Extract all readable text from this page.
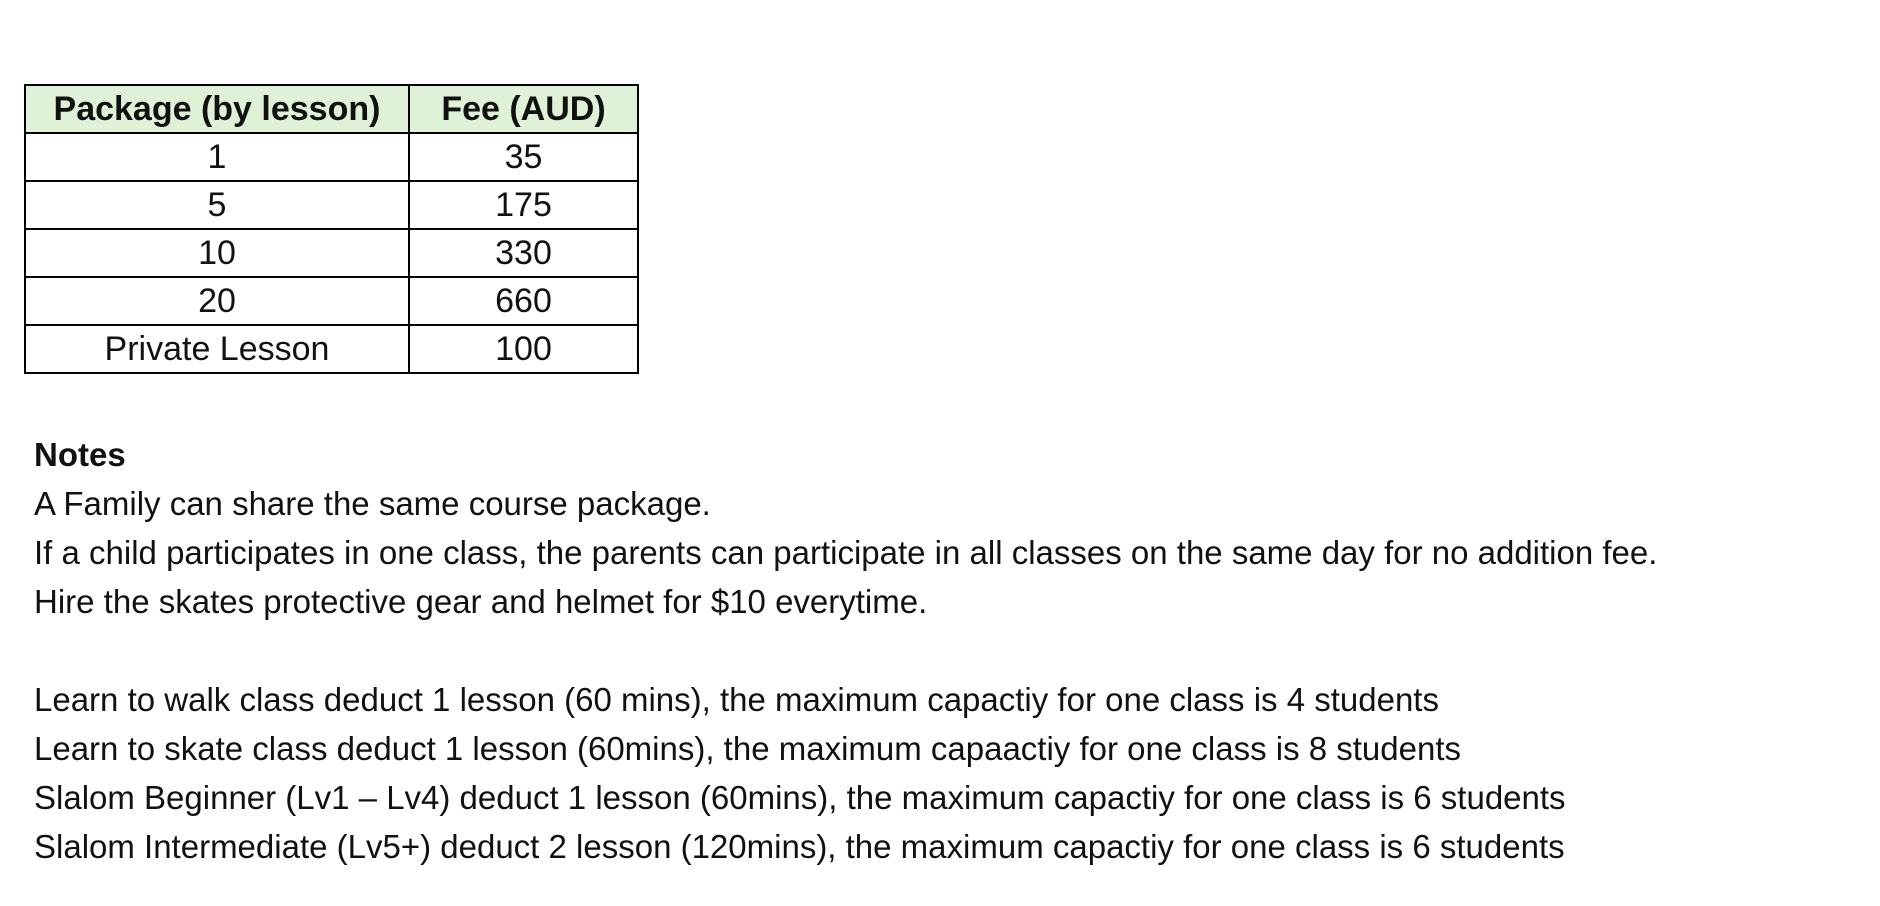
Package (by lesson)	Fee (AUD)
1	35
5	175
10	330
20	660
Private Lesson	100

Notes

A Family can share the same course package.

If a child participates in one class, the parents can participate in all classes on the same day for no addition fee.

Hire the skates protective gear and helmet for $10 everytime.

Learn to walk class deduct 1 lesson (60 mins), the maximum capactiy for one class is 4 students

Learn to skate class deduct 1 lesson (60mins), the maximum capaactiy for one class is 8 students

Slalom Beginner (Lv1 – Lv4) deduct 1 lesson (60mins), the maximum capactiy for one class is 6 students

Slalom Intermediate (Lv5+) deduct 2 lesson (120mins), the maximum capactiy for one class is 6 students
